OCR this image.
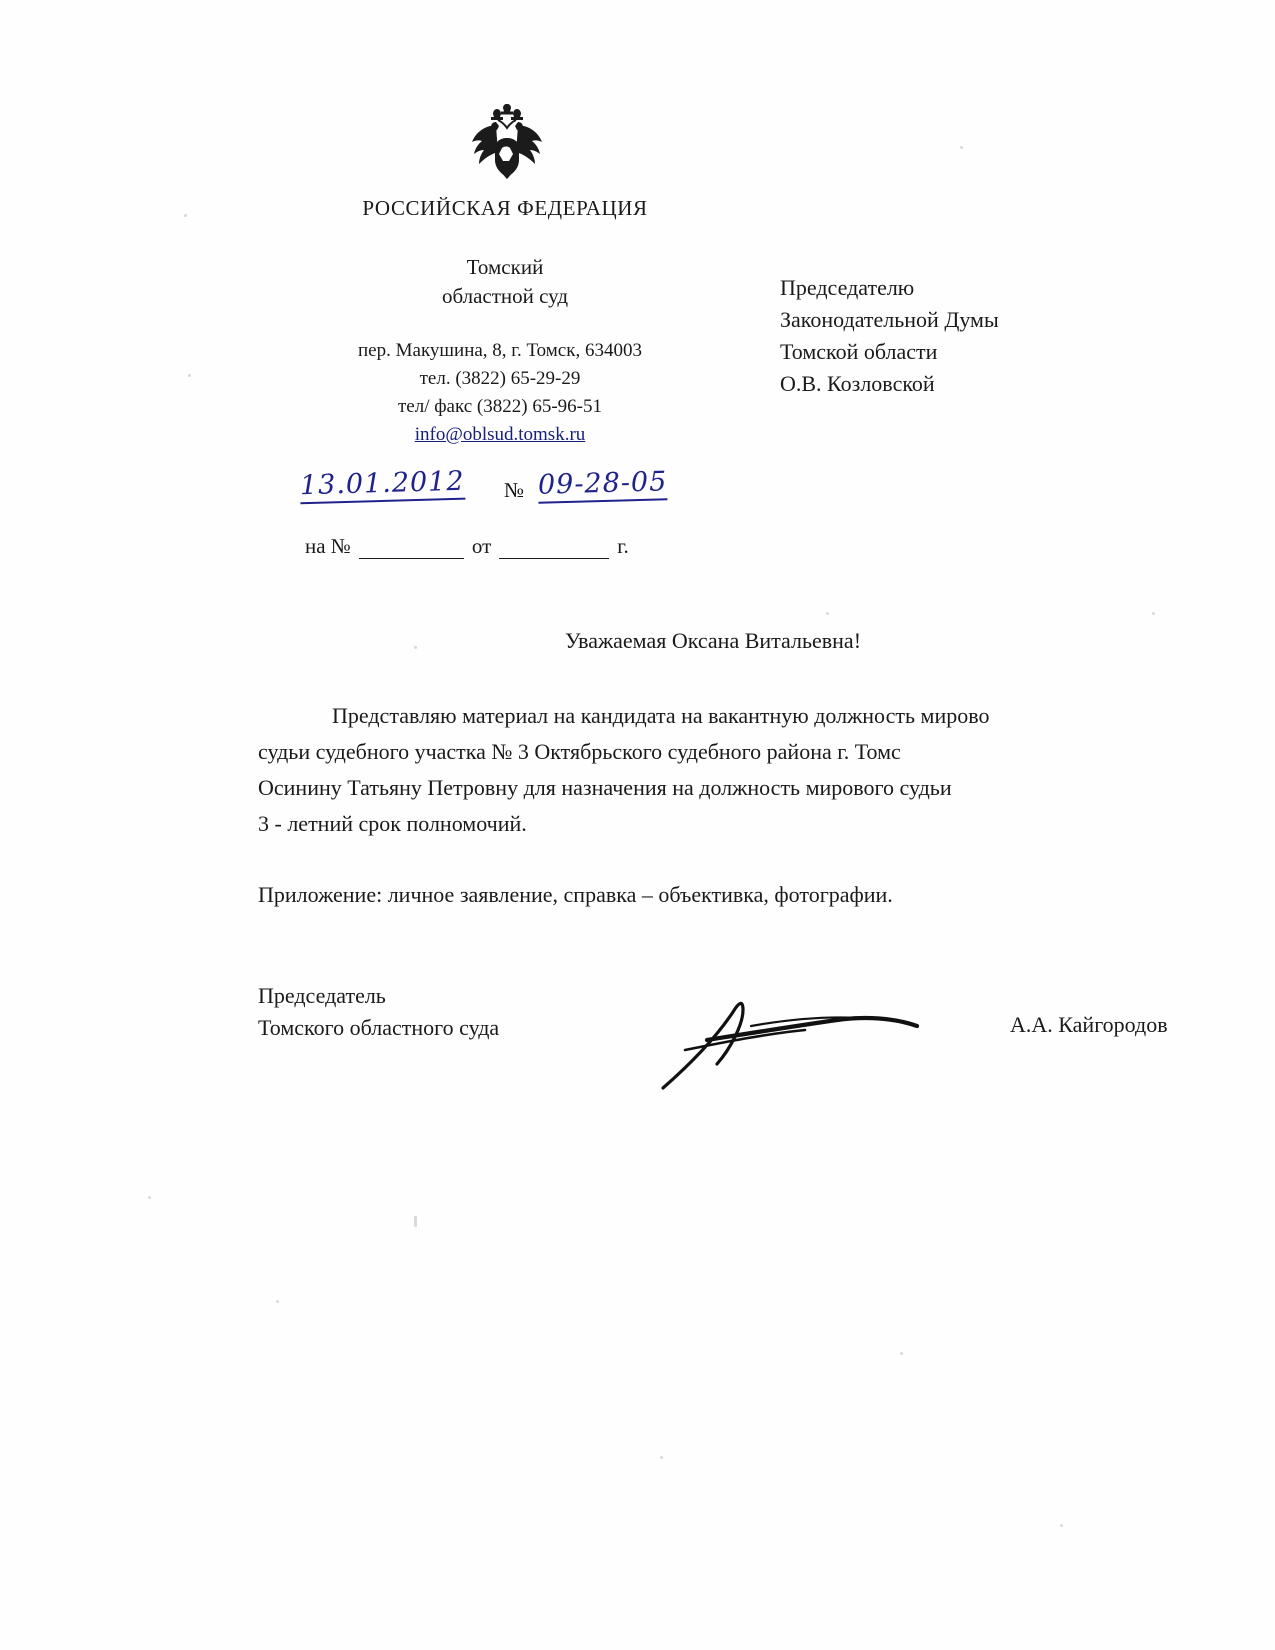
РОССИЙСКАЯ ФЕДЕРАЦИЯ
Томский
областной суд
пер. Макушина, 8, г. Томск, 634003
тел. (3822) 65-29-29
тел/ факс (3822) 65-96-51
info@oblsud.tomsk.ru
13.01.2012 № 09-28-05
на №	от	г.
Председателю
Законодательной Думы
Томской области
О.В. Козловской
Уважаемая Оксана Витальевна!

Представляю материал на кандидата на вакантную должность мирово

судьи судебного участка № 3 Октябрьского судебного района г. Томс

Осинину Татьяну Петровну для назначения на должность мирового судьи

3 - летний срок полномочий.

Приложение: личное заявление, справка – объективка, фотографии.
Председатель
Томского областного суда	А.А. Кайгородов
